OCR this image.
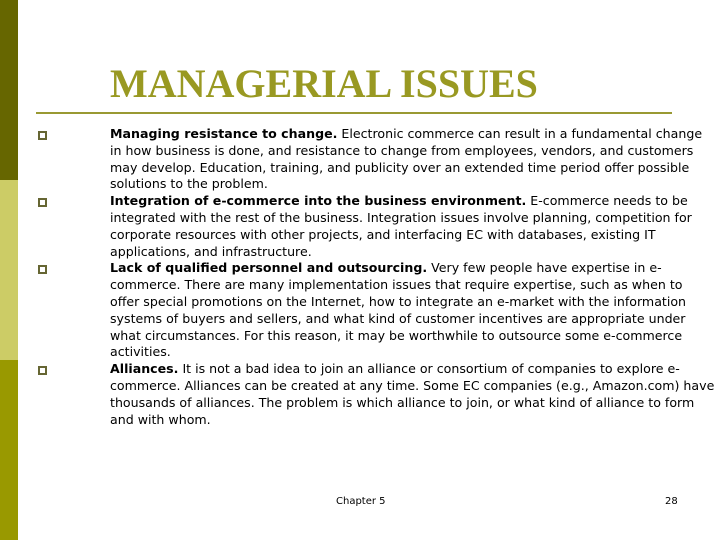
MANAGERIAL ISSUES
Managing resistance to change. Electronic commerce can result in a fundamental change in how business is done, and resistance to change from employees, vendors, and customers may develop. Education, training, and publicity over an extended time period offer possible solutions to the problem.
Integration of e-commerce into the business environment. E-commerce needs to be integrated with the rest of the business. Integration issues involve planning, competition for corporate resources with other projects, and interfacing EC with databases, existing IT applications, and infrastructure.
Lack of qualified personnel and outsourcing. Very few people have expertise in e-commerce. There are many implementation issues that require expertise, such as when to offer special promotions on the Internet, how to integrate an e-market with the information systems of buyers and sellers, and what kind of customer incentives are appropriate under what circumstances. For this reason, it may be worthwhile to outsource some e-commerce activities.
Alliances. It is not a bad idea to join an alliance or consortium of companies to explore e-commerce. Alliances can be created at any time. Some EC companies (e.g., Amazon.com) have thousands of alliances. The problem is which alliance to join, or what kind of alliance to form and with whom.
Chapter 5	28
